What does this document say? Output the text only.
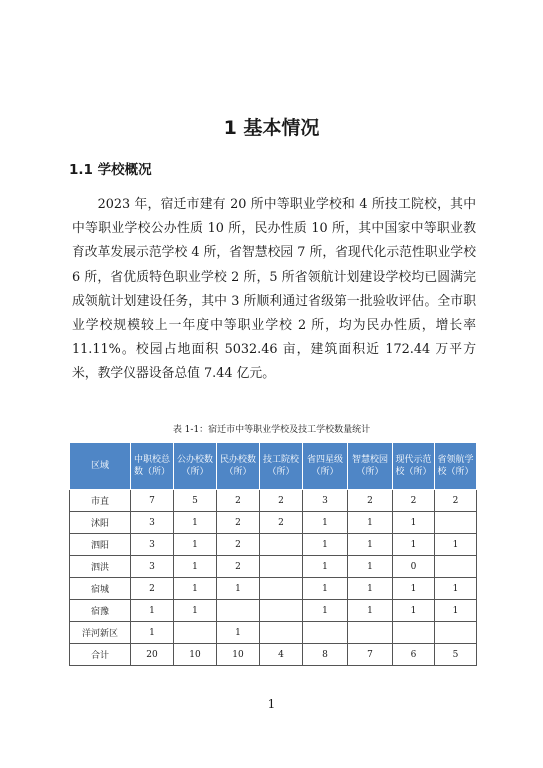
1 基本情况
1.1 学校概况

2023 年，宿迁市建有 20 所中等职业学校和 4 所技工院校，其中中等职业学校公办性质 10 所，民办性质 10 所，其中国家中等职业教育改革发展示范学校 4 所，省智慧校园 7 所，省现代化示范性职业学校 6 所，省优质特色职业学校 2 所，5 所省领航计划建设学校均已圆满完成领航计划建设任务，其中 3 所顺利通过省级第一批验收评估。全市职业学校规模较上一年度中等职业学校 2 所，均为民办性质，增长率 11.11%。校园占地面积 5032.46 亩，建筑面积近 172.44 万平方米，教学仪器设备总值 7.44 亿元。

表 1-1：宿迁市中等职业学校及技工学校数量统计
区域	中职校总数（所）	公办校数（所）	民办校数（所）	技工院校（所）	省四星级（所）	智慧校园（所）	现代示范校（所）	省领航学校（所）
市直	7	5	2	2	3	2	2	2
沭阳	3	1	2	2	1	1	1	
泗阳	3	1	2		1	1	1	1
泗洪	3	1	2		1	1	0	
宿城	2	1	1		1	1	1	1
宿豫	1	1			1	1	1	1
洋河新区	1		1					
合计	20	10	10	4	8	7	6	5
1
